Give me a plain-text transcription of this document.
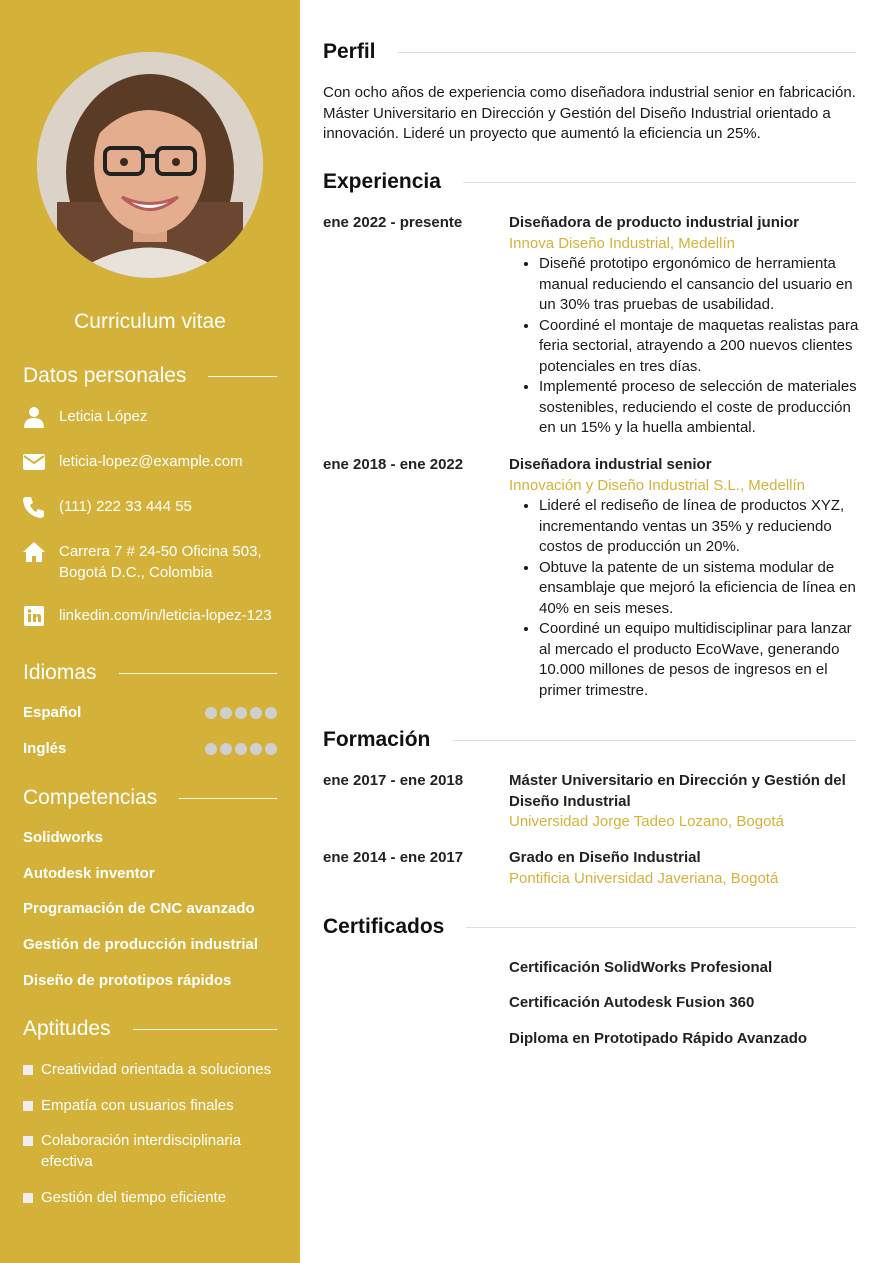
Curriculum vitae
Datos personales
Leticia López
leticia-lopez@example.com
(111) 222 33 444 55
Carrera 7 # 24-50 Oficina 503, Bogotá D.C., Colombia
linkedin.com/in/leticia-lopez-123
Idiomas
Español
Inglés
Competencias
Solidworks
Autodesk inventor
Programación de CNC avanzado
Gestión de producción industrial
Diseño de prototipos rápidos
Aptitudes
Creatividad orientada a soluciones
Empatía con usuarios finales
Colaboración interdisciplinaria efectiva
Gestión del tiempo eficiente
Perfil
Con ocho años de experiencia como diseñadora industrial senior en fabricación. Máster Universitario en Dirección y Gestión del Diseño Industrial orientado a innovación. Lideré un proyecto que aumentó la eficiencia un 25%.
Experiencia
ene 2022 - presente	Diseñadora de producto industrial junior
Innova Diseño Industrial, Medellín
• Diseñé prototipo ergonómico de herramienta manual reduciendo el cansancio del usuario en un 30% tras pruebas de usabilidad.
• Coordiné el montaje de maquetas realistas para feria sectorial, atrayendo a 200 nuevos clientes potenciales en tres días.
• Implementé proceso de selección de materiales sostenibles, reduciendo el coste de producción en un 15% y la huella ambiental.
ene 2018 - ene 2022	Diseñadora industrial senior
Innovación y Diseño Industrial S.L., Medellín
• Lideré el rediseño de línea de productos XYZ, incrementando ventas un 35% y reduciendo costos de producción un 20%.
• Obtuve la patente de un sistema modular de ensamblaje que mejoró la eficiencia de línea en 40% en seis meses.
• Coordiné un equipo multidisciplinar para lanzar al mercado el producto EcoWave, generando 10.000 millones de pesos de ingresos en el primer trimestre.
Formación
ene 2017 - ene 2018	Máster Universitario en Dirección y Gestión del Diseño Industrial
Universidad Jorge Tadeo Lozano, Bogotá
ene 2014 - ene 2017	Grado en Diseño Industrial
Pontificia Universidad Javeriana, Bogotá
Certificados
Certificación SolidWorks Profesional
Certificación Autodesk Fusion 360
Diploma en Prototipado Rápido Avanzado
